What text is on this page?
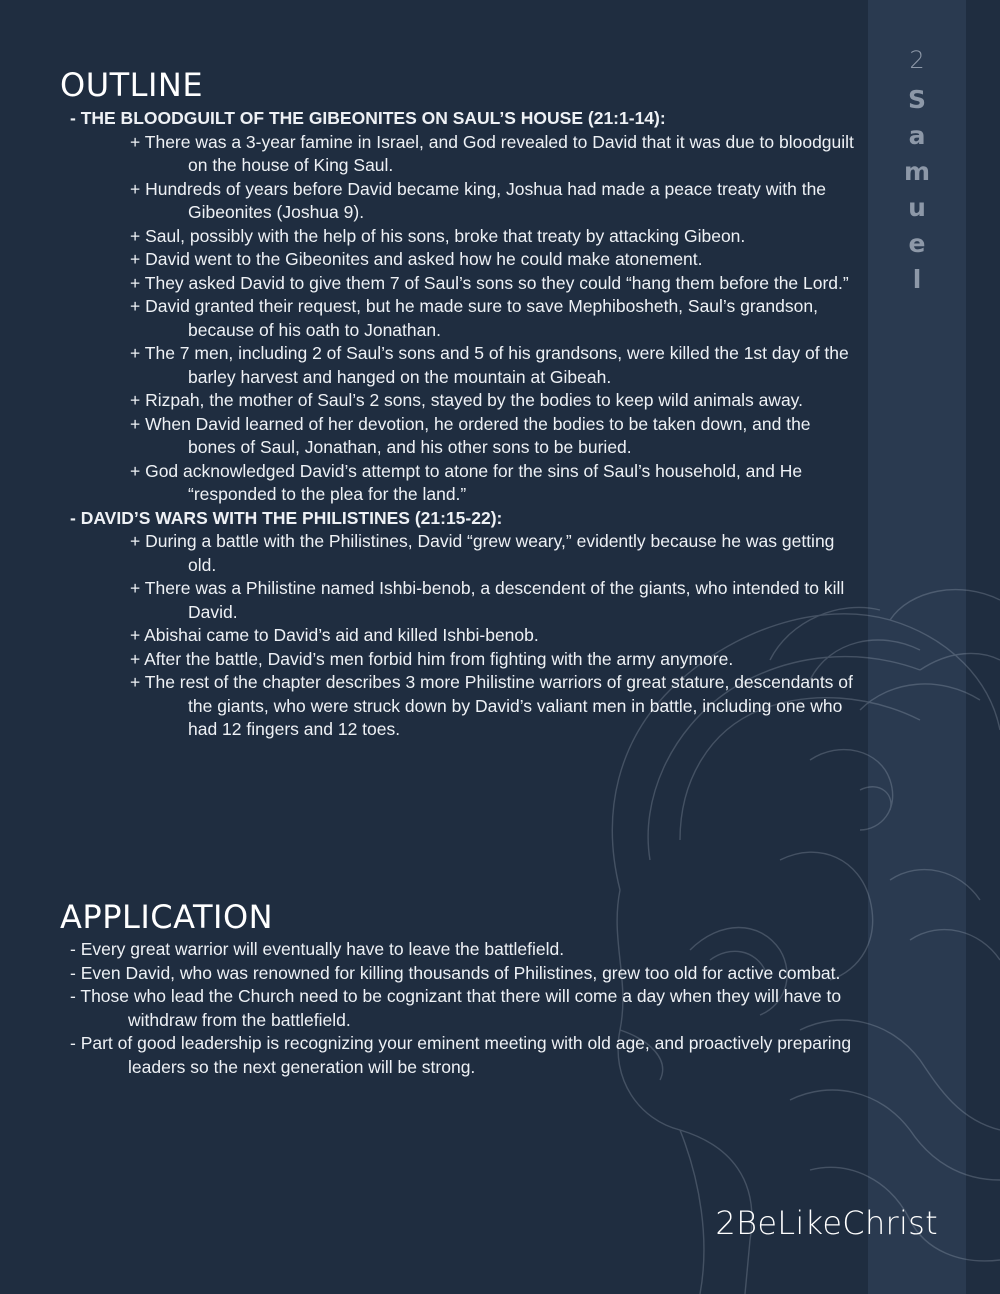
2
S
a
m
u
e
l
OUTLINE
- THE BLOODGUILT OF THE GIBEONITES ON SAUL’S HOUSE (21:1-14):
+ There was a 3-year famine in Israel, and God revealed to David that it was due to bloodguilt on the house of King Saul.
+ Hundreds of years before David became king, Joshua had made a peace treaty with the Gibeonites (Joshua 9).
+ Saul, possibly with the help of his sons, broke that treaty by attacking Gibeon.
+ David went to the Gibeonites and asked how he could make atonement.
+ They asked David to give them 7 of Saul’s sons so they could “hang them before the Lord.”
+ David granted their request, but he made sure to save Mephibosheth, Saul’s grandson, because of his oath to Jonathan.
+ The 7 men, including 2 of Saul’s sons and 5 of his grandsons, were killed the 1st day of the barley harvest and hanged on the mountain at Gibeah.
+ Rizpah, the mother of Saul’s 2 sons, stayed by the bodies to keep wild animals away.
+ When David learned of her devotion, he ordered the bodies to be taken down, and the bones of Saul, Jonathan, and his other sons to be buried.
+ God acknowledged David’s attempt to atone for the sins of Saul’s household, and He “responded to the plea for the land.”
- DAVID’S WARS WITH THE PHILISTINES (21:15-22):
+ During a battle with the Philistines, David “grew weary,” evidently because he was getting old.
+ There was a Philistine named Ishbi-benob, a descendent of the giants, who intended to kill David.
+ Abishai came to David’s aid and killed Ishbi-benob.
+ After the battle, David’s men forbid him from fighting with the army anymore.
+ The rest of the chapter describes 3 more Philistine warriors of great stature, descendants of the giants, who were struck down by David’s valiant men in battle, including one who had 12 fingers and 12 toes.
APPLICATION
- Every great warrior will eventually have to leave the battlefield.
- Even David, who was renowned for killing thousands of Philistines, grew too old for active combat.
- Those who lead the Church need to be cognizant that there will come a day when they will have to withdraw from the battlefield.
- Part of good leadership is recognizing your eminent meeting with old age, and proactively preparing leaders so the next generation will be strong.
2BeLikeChrist
